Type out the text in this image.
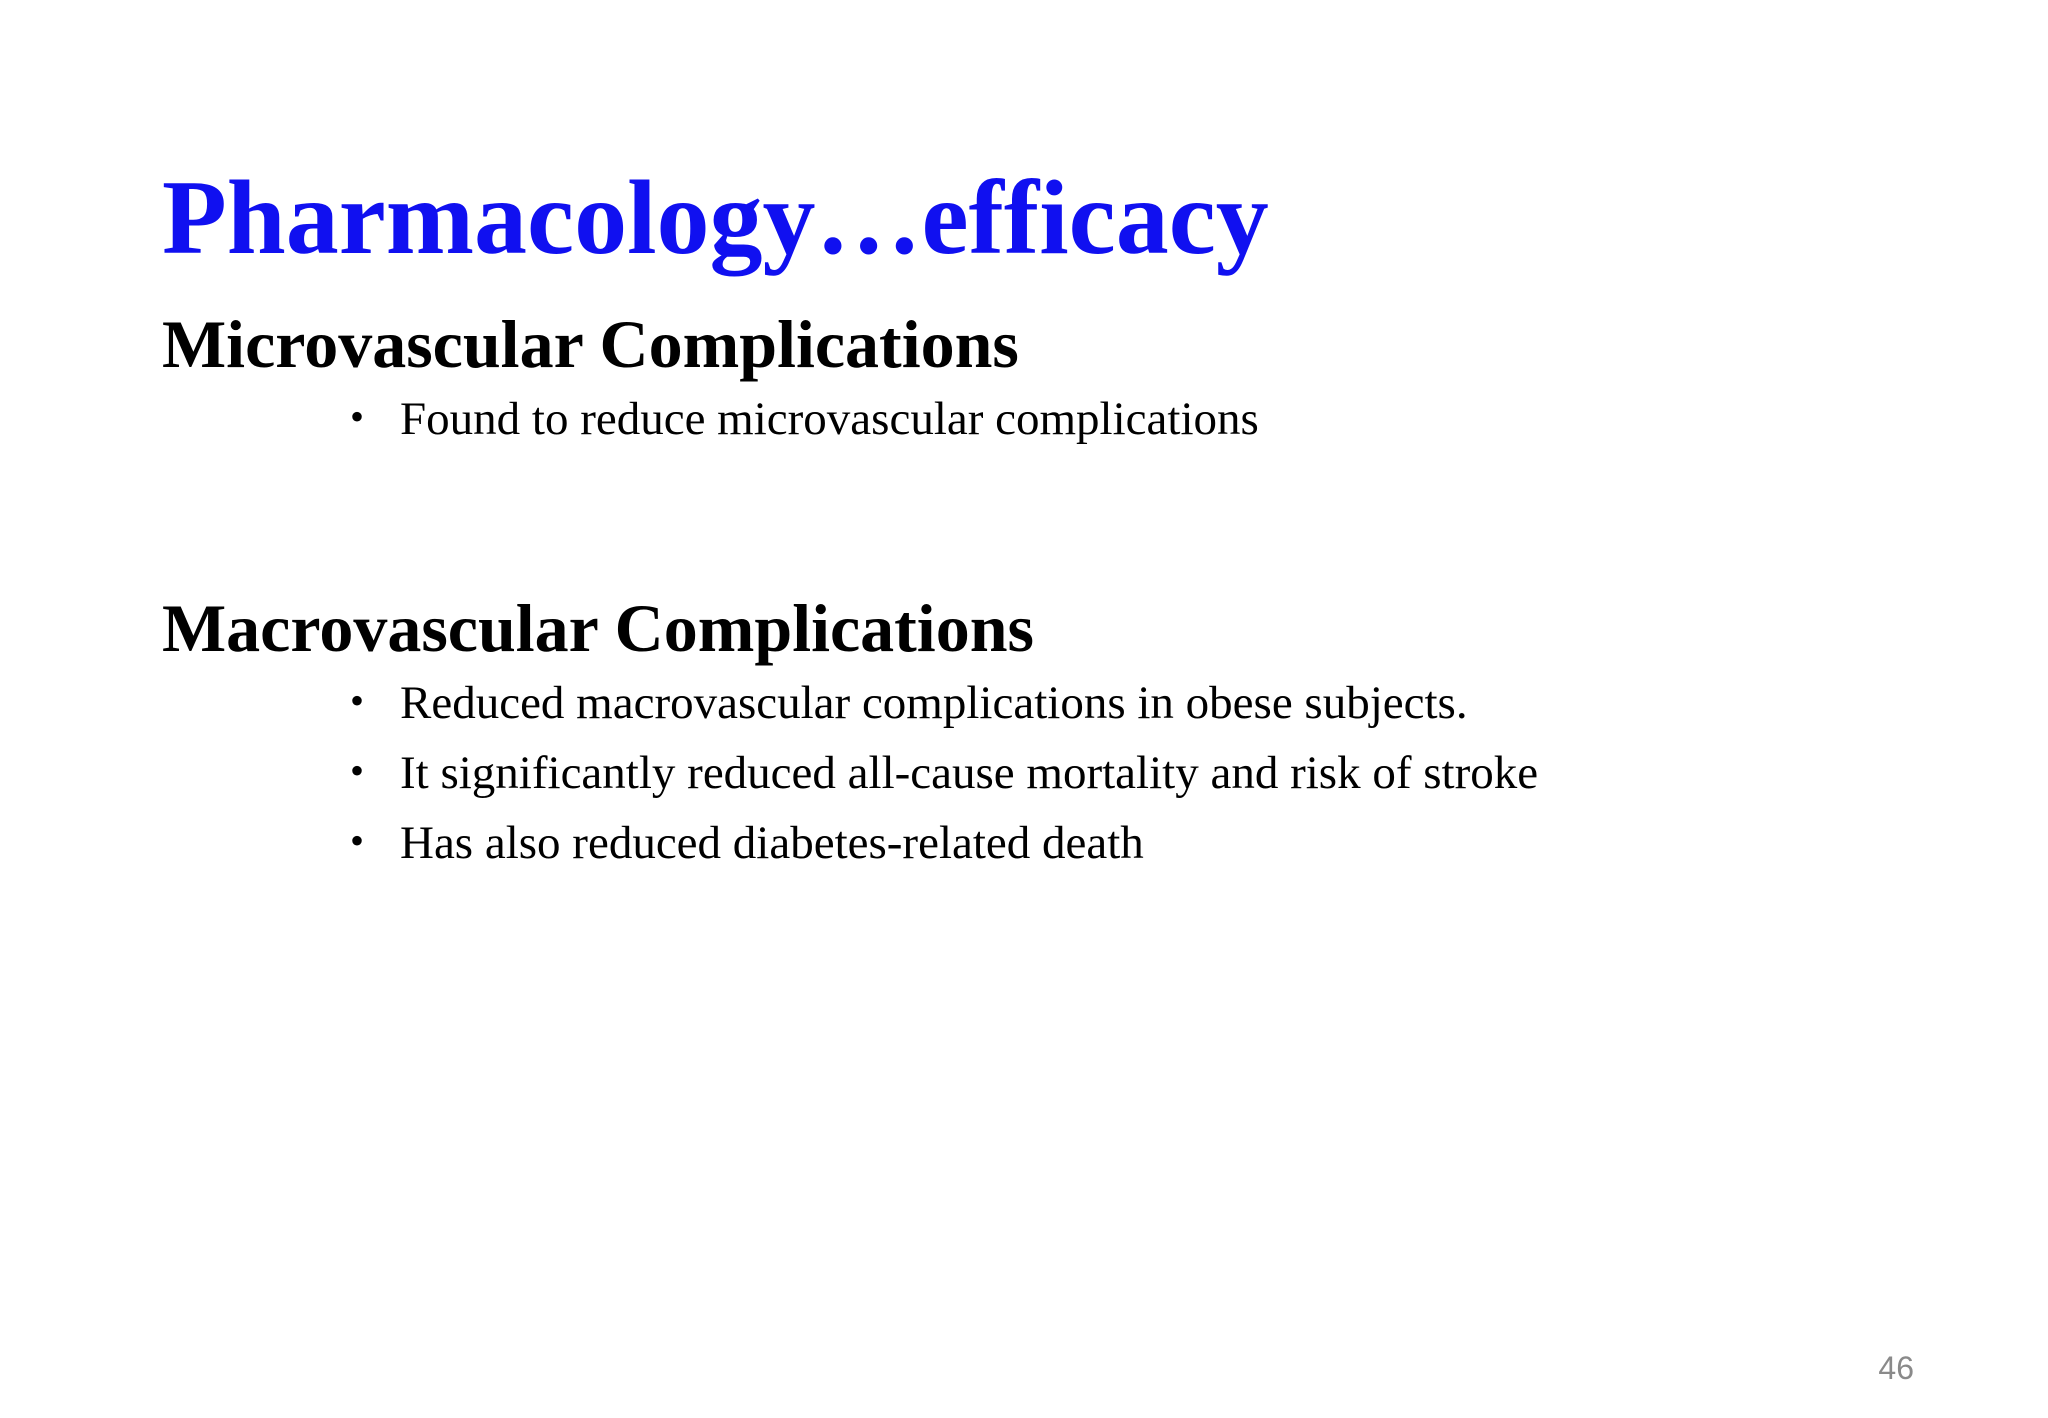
Pharmacology…efficacy
Microvascular Complications
• Found to reduce microvascular complications
Macrovascular Complications
• Reduced macrovascular complications in obese subjects.
• It significantly reduced all-cause mortality and risk of stroke
• Has also reduced diabetes-related death
46
